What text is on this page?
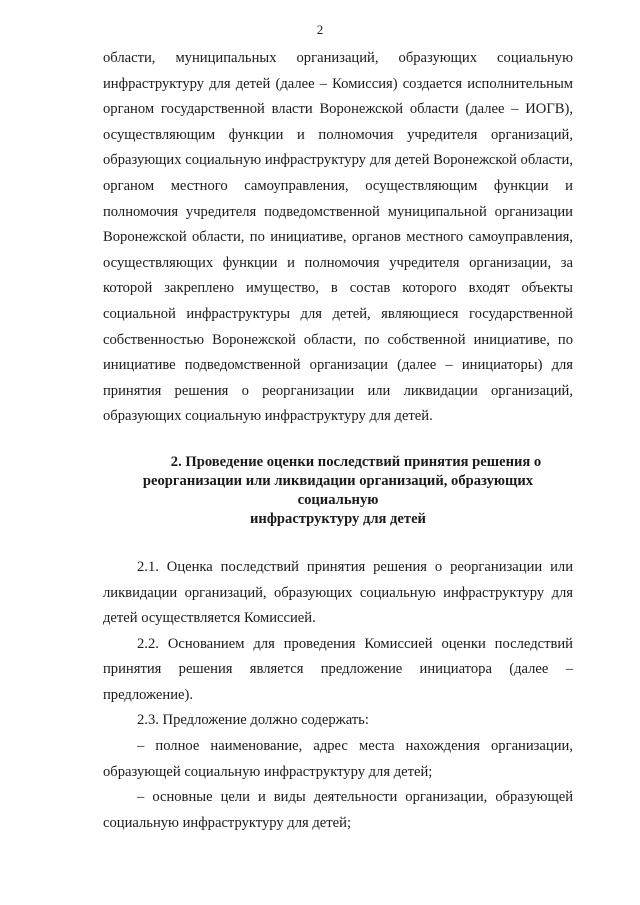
2

области, муниципальных организаций, образующих социальную инфраструктуру для детей (далее – Комиссия) создается исполнительным органом государственной власти Воронежской области (далее – ИОГВ), осуществляющим функции и полномочия учредителя организаций, образующих социальную инфраструктуру для детей Воронежской области, органом местного самоуправления, осуществляющим функции и полномочия учредителя подведомственной муниципальной организации Воронежской области, по инициативе, органов местного самоуправления, осуществляющих функции и полномочия учредителя организации, за которой закреплено имущество, в состав которого входят объекты социальной инфраструктуры для детей, являющиеся государственной собственностью Воронежской области, по собственной инициативе, по инициативе подведомственной организации (далее – инициаторы) для принятия решения о реорганизации или ликвидации организаций, образующих социальную инфраструктуру для детей.

2. Проведение оценки последствий принятия решения о
реорганизации или ликвидации организаций, образующих социальную
инфраструктуру для детей

2.1. Оценка последствий принятия решения о реорганизации или ликвидации организаций, образующих социальную инфраструктуру для детей осуществляется Комиссией.

2.2. Основанием для проведения Комиссией оценки последствий принятия решения является предложение инициатора (далее – предложение).

2.3. Предложение должно содержать:

– полное наименование, адрес места нахождения организации, образующей социальную инфраструктуру для детей;

– основные цели и виды деятельности организации, образующей социальную инфраструктуру для детей;
